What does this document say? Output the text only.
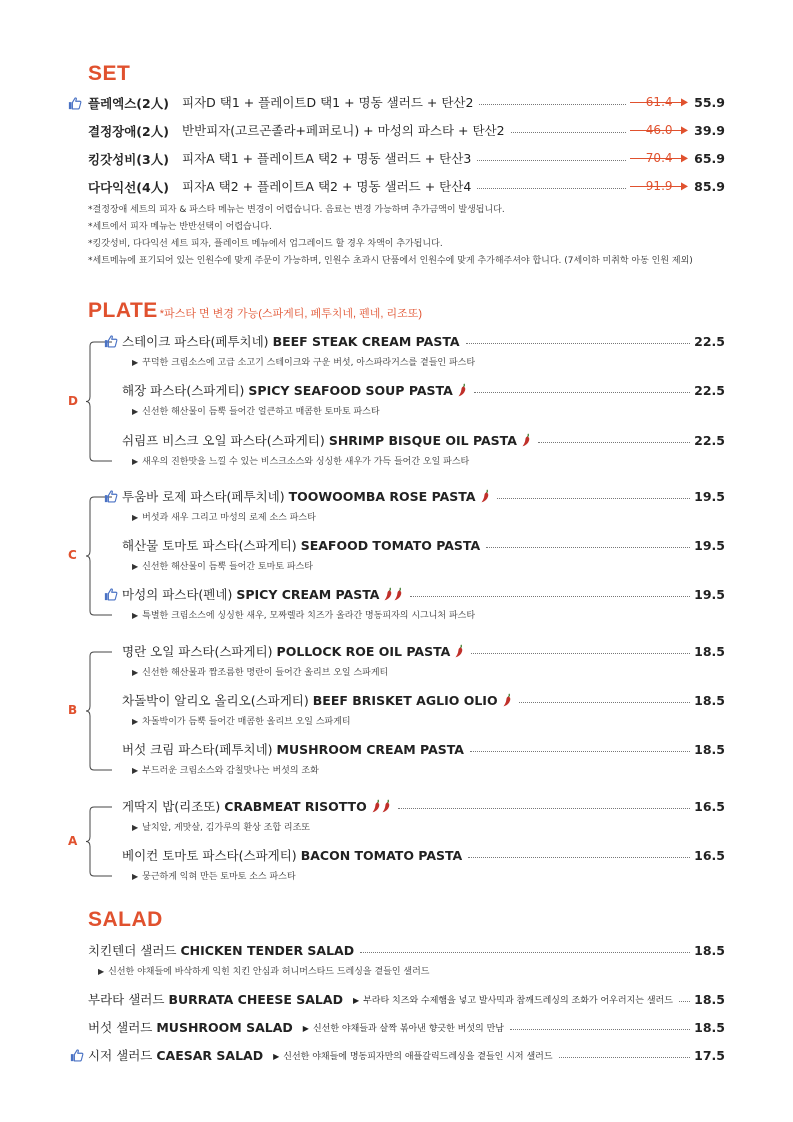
SET
플레엑스(2人) 피자D 택1 + 플레이트D 택1 + 명동 샐러드 + 탄산2	61.4	55.9
결정장애(2人) 반반피자(고르곤졸라+페퍼로니) + 마성의 파스타 + 탄산2	46.0	39.9
킹갓성비(3人) 피자A 택1 + 플레이트A 택2 + 명동 샐러드 + 탄산3	70.4	65.9
다다익선(4人) 피자A 택2 + 플레이트A 택2 + 명동 샐러드 + 탄산4	91.9	85.9
*결정장애 세트의 피자 & 파스타 메뉴는 변경이 어렵습니다. 음료는 변경 가능하며 추가금액이 발생됩니다.
*세트에서 피자 메뉴는 반반선택이 어렵습니다.
*킹갓성비, 다다익선 세트 피자, 플레이트 메뉴에서 업그레이드 할 경우 차액이 추가됩니다.
*세트메뉴에 표기되어 있는 인원수에 맞게 주문이 가능하며, 인원수 초과시 단품에서 인원수에 맞게 추가해주셔야 합니다. (7세이하 미취학 아동 인원 제외)
PLATE *파스타 면 변경 가능(스파게티, 페투치네, 펜네, 리조또)
D
스테이크 파스타(페투치네) BEEF STEAK CREAM PASTA	22.5
▶ 꾸덕한 크림소스에 고급 소고기 스테이크와 구운 버섯, 아스파라거스를 곁들인 파스타
해장 파스타(스파게티) SPICY SEAFOOD SOUP PASTA	22.5
▶ 신선한 해산물이 듬뿍 들어간 얼큰하고 매콤한 토마토 파스타
쉬림프 비스크 오일 파스타(스파게티) SHRIMP BISQUE OIL PASTA	22.5
▶ 새우의 진한맛을 느낄 수 있는 비스크소스와 싱싱한 새우가 가득 들어간 오일 파스타
C
투움바 로제 파스타(페투치네) TOOWOOMBA ROSE PASTA	19.5
▶ 버섯과 새우 그리고 마성의 로제 소스 파스타
해산물 토마토 파스타(스파게티) SEAFOOD TOMATO PASTA	19.5
▶ 신선한 해산물이 듬뿍 들어간 토마토 파스타
마성의 파스타(펜네) SPICY CREAM PASTA	19.5
▶ 특별한 크림소스에 싱싱한 새우, 모짜렐라 치즈가 올라간 명동피자의 시그니처 파스타
B
명란 오일 파스타(스파게티) POLLOCK ROE OIL PASTA	18.5
▶ 신선한 해산물과 짭조름한 명란이 들어간 올리브 오일 스파게티
차돌박이 알리오 올리오(스파게티) BEEF BRISKET AGLIO OLIO	18.5
▶ 차돌박이가 듬뿍 들어간 매콤한 올리브 오일 스파게티
버섯 크림 파스타(페투치네) MUSHROOM CREAM PASTA	18.5
▶ 부드러운 크림소스와 감칠맛나는 버섯의 조화
A
게딱지 밥(리조또) CRABMEAT RISOTTO	16.5
▶ 날치알, 게맛살, 김가루의 환상 조합 리조또
베이컨 토마토 파스타(스파게티) BACON TOMATO PASTA	16.5
▶ 뭉근하게 익혀 만든 토마토 소스 파스타
SALAD
치킨텐더 샐러드 CHICKEN TENDER SALAD	18.5
▶ 신선한 야채들에 바삭하게 익힌 치킨 안심과 허니머스타드 드레싱을 곁들인 샐러드
부라타 샐러드 BURRATA CHEESE SALAD ▶ 부라타 치즈와 수제햄을 넣고 발사믹과 참깨드레싱의 조화가 어우러지는 샐러드 18.5
버섯 샐러드 MUSHROOM SALAD ▶ 신선한 야채들과 살짝 볶아낸 향긋한 버섯의 만남	18.5
시저 샐러드 CAESAR SALAD ▶ 신선한 야채들에 명동피자만의 애플갈릭드레싱을 곁들인 시저 샐러드	17.5
